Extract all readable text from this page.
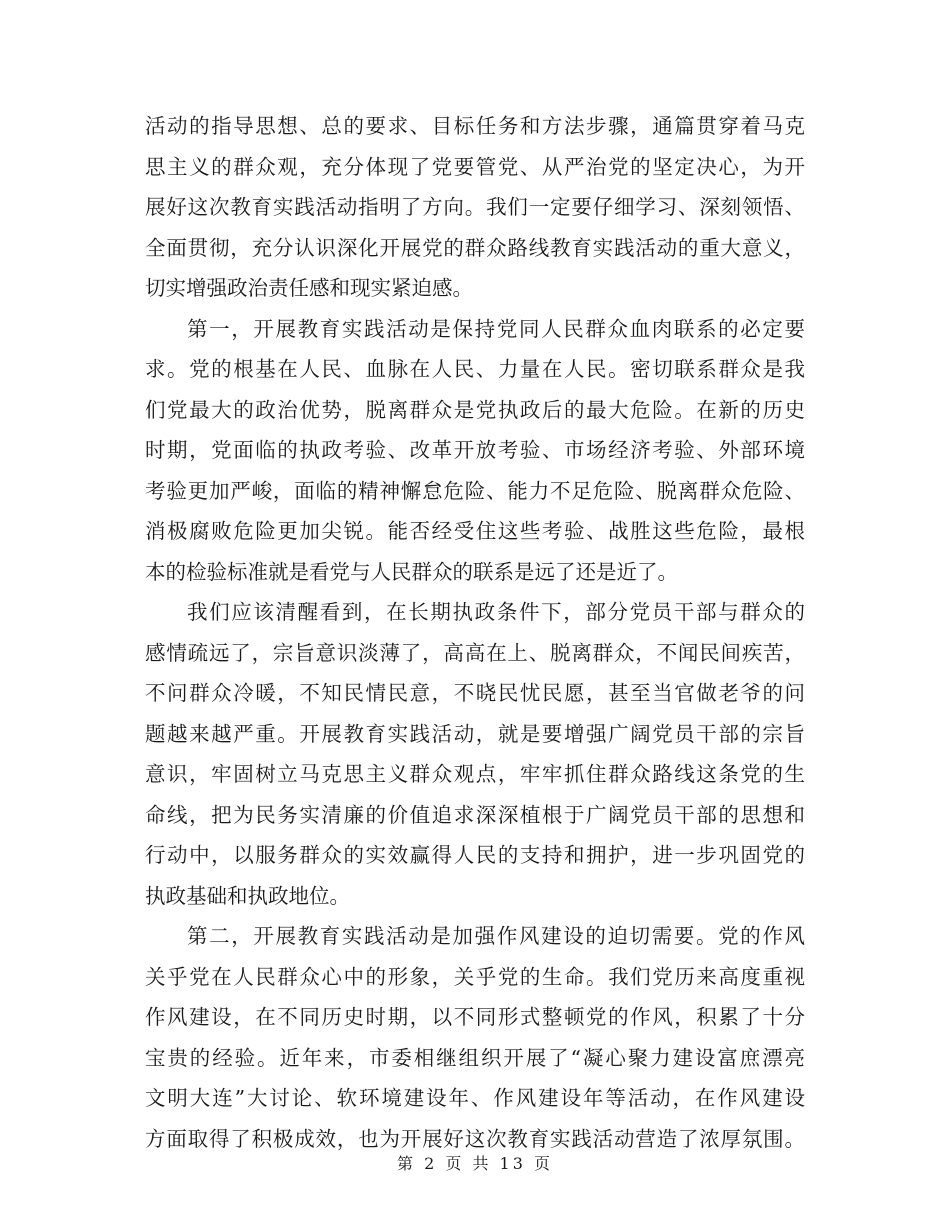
活动的指导思想、总的要求、目标任务和方法步骤，通篇贯穿着马克
思主义的群众观，充分体现了党要管党、从严治党的坚定决心，为开
展好这次教育实践活动指明了方向。我们一定要仔细学习、深刻领悟、
全面贯彻，充分认识深化开展党的群众路线教育实践活动的重大意义，
切实增强政治责任感和现实紧迫感。
第一，开展教育实践活动是保持党同人民群众血肉联系的必定要
求。党的根基在人民、血脉在人民、力量在人民。密切联系群众是我
们党最大的政治优势，脱离群众是党执政后的最大危险。在新的历史
时期，党面临的执政考验、改革开放考验、市场经济考验、外部环境
考验更加严峻，面临的精神懈怠危险、能力不足危险、脱离群众危险、
消极腐败危险更加尖锐。能否经受住这些考验、战胜这些危险，最根
本的检验标准就是看党与人民群众的联系是远了还是近了。
我们应该清醒看到，在长期执政条件下，部分党员干部与群众的
感情疏远了，宗旨意识淡薄了，高高在上、脱离群众，不闻民间疾苦，
不问群众冷暖，不知民情民意，不晓民忧民愿，甚至当官做老爷的问
题越来越严重。开展教育实践活动，就是要增强广阔党员干部的宗旨
意识，牢固树立马克思主义群众观点，牢牢抓住群众路线这条党的生
命线，把为民务实清廉的价值追求深深植根于广阔党员干部的思想和
行动中，以服务群众的实效赢得人民的支持和拥护，进一步巩固党的
执政基础和执政地位。
第二，开展教育实践活动是加强作风建设的迫切需要。党的作风
关乎党在人民群众心中的形象，关乎党的生命。我们党历来高度重视
作风建设，在不同历史时期，以不同形式整顿党的作风，积累了十分
宝贵的经验。近年来，市委相继组织开展了“凝心聚力建设富庶漂亮
文明大连”大讨论、软环境建设年、作风建设年等活动，在作风建设
方面取得了积极成效，也为开展好这次教育实践活动营造了浓厚氛围。
第 2 页 共 13 页
